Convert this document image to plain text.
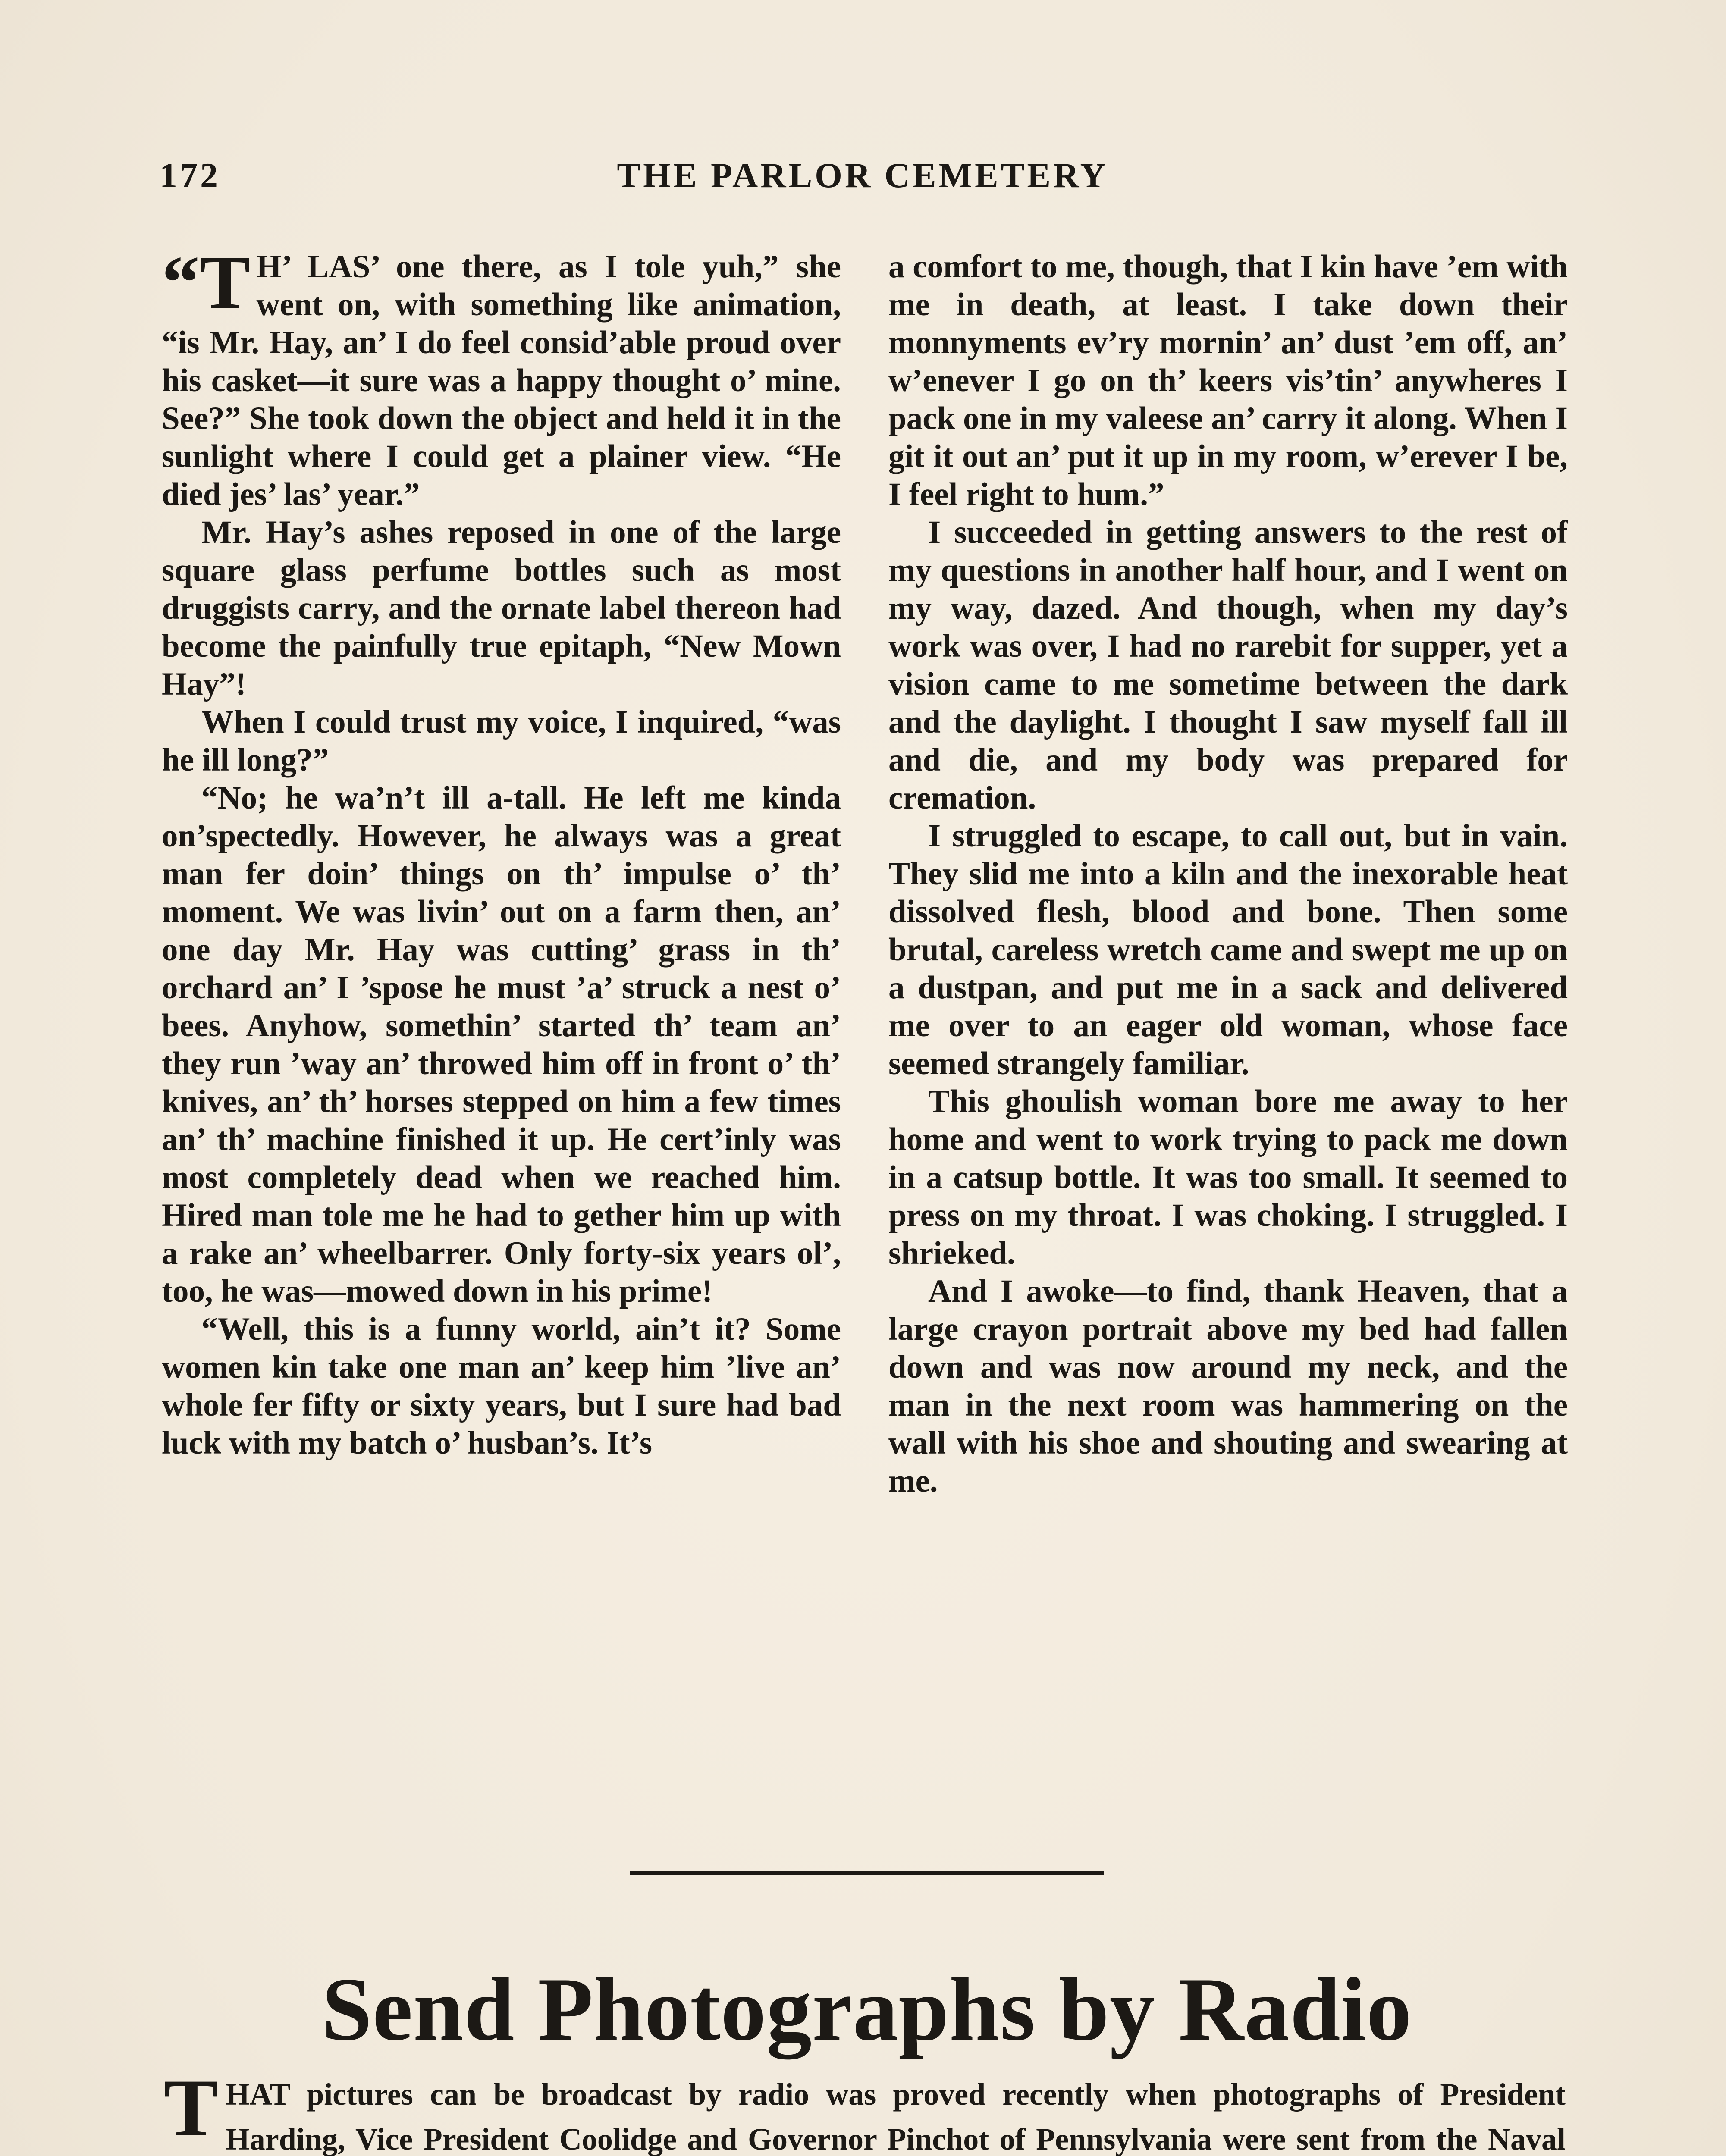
172	THE PARLOR CEMETERY

“T H’ LAS’ one there, as I tole yuh,” she went on, with something like animation, “is Mr. Hay, an’ I do feel consid’able proud over his casket—it sure was a happy thought o’ mine. See?” She took down the object and held it in the sunlight where I could get a plainer view. “He died jes’ las’ year.”

Mr. Hay’s ashes reposed in one of the large square glass perfume bottles such as most druggists carry, and the ornate label thereon had become the painfully true epitaph, “New Mown Hay”!

When I could trust my voice, I inquired, “was he ill long?”

“No; he wa’n’t ill a-tall. He left me kinda on’spectedly. However, he always was a great man fer doin’ things on th’ impulse o’ th’ moment. We was livin’ out on a farm then, an’ one day Mr. Hay was cutting’ grass in th’ orchard an’ I ’spose he must ’a’ struck a nest o’ bees. Anyhow, somethin’ started th’ team an’ they run ’way an’ throwed him off in front o’ th’ knives, an’ th’ horses stepped on him a few times an’ th’ machine finished it up. He cert’inly was most completely dead when we reached him. Hired man tole me he had to gether him up with a rake an’ wheelbarrer. Only forty-six years ol’, too, he was—mowed down in his prime!

“Well, this is a funny world, ain’t it? Some women kin take one man an’ keep him ’live an’ whole fer fifty or sixty years, but I sure had bad luck with my batch o’ husban’s. It’s

a comfort to me, though, that I kin have ’em with me in death, at least. I take down their monnyments ev’ry mornin’ an’ dust ’em off, an’ w’enever I go on th’ keers vis’tin’ anywheres I pack one in my valeese an’ carry it along. When I git it out an’ put it up in my room, w’erever I be, I feel right to hum.”

I succeeded in getting answers to the rest of my questions in another half hour, and I went on my way, dazed. And though, when my day’s work was over, I had no rarebit for supper, yet a vision came to me sometime between the dark and the daylight. I thought I saw myself fall ill and die, and my body was prepared for cremation.

I struggled to escape, to call out, but in vain. They slid me into a kiln and the inexorable heat dissolved flesh, blood and bone. Then some brutal, careless wretch came and swept me up on a dustpan, and put me in a sack and delivered me over to an eager old woman, whose face seemed strangely familiar.

This ghoulish woman bore me away to her home and went to work trying to pack me down in a catsup bottle. It was too small. It seemed to press on my throat. I was choking. I struggled. I shrieked.

And I awoke—to find, thank Heaven, that a large crayon portrait above my bed had fallen down and was now around my neck, and the man in the next room was hammering on the wall with his shoe and shouting and swearing at me.

Send Photographs by Radio

THAT pictures can be broadcast by radio was proved recently when photographs of President Harding, Vice President Coolidge and Governor Pinchot of Pennsylvania were sent from the Naval
